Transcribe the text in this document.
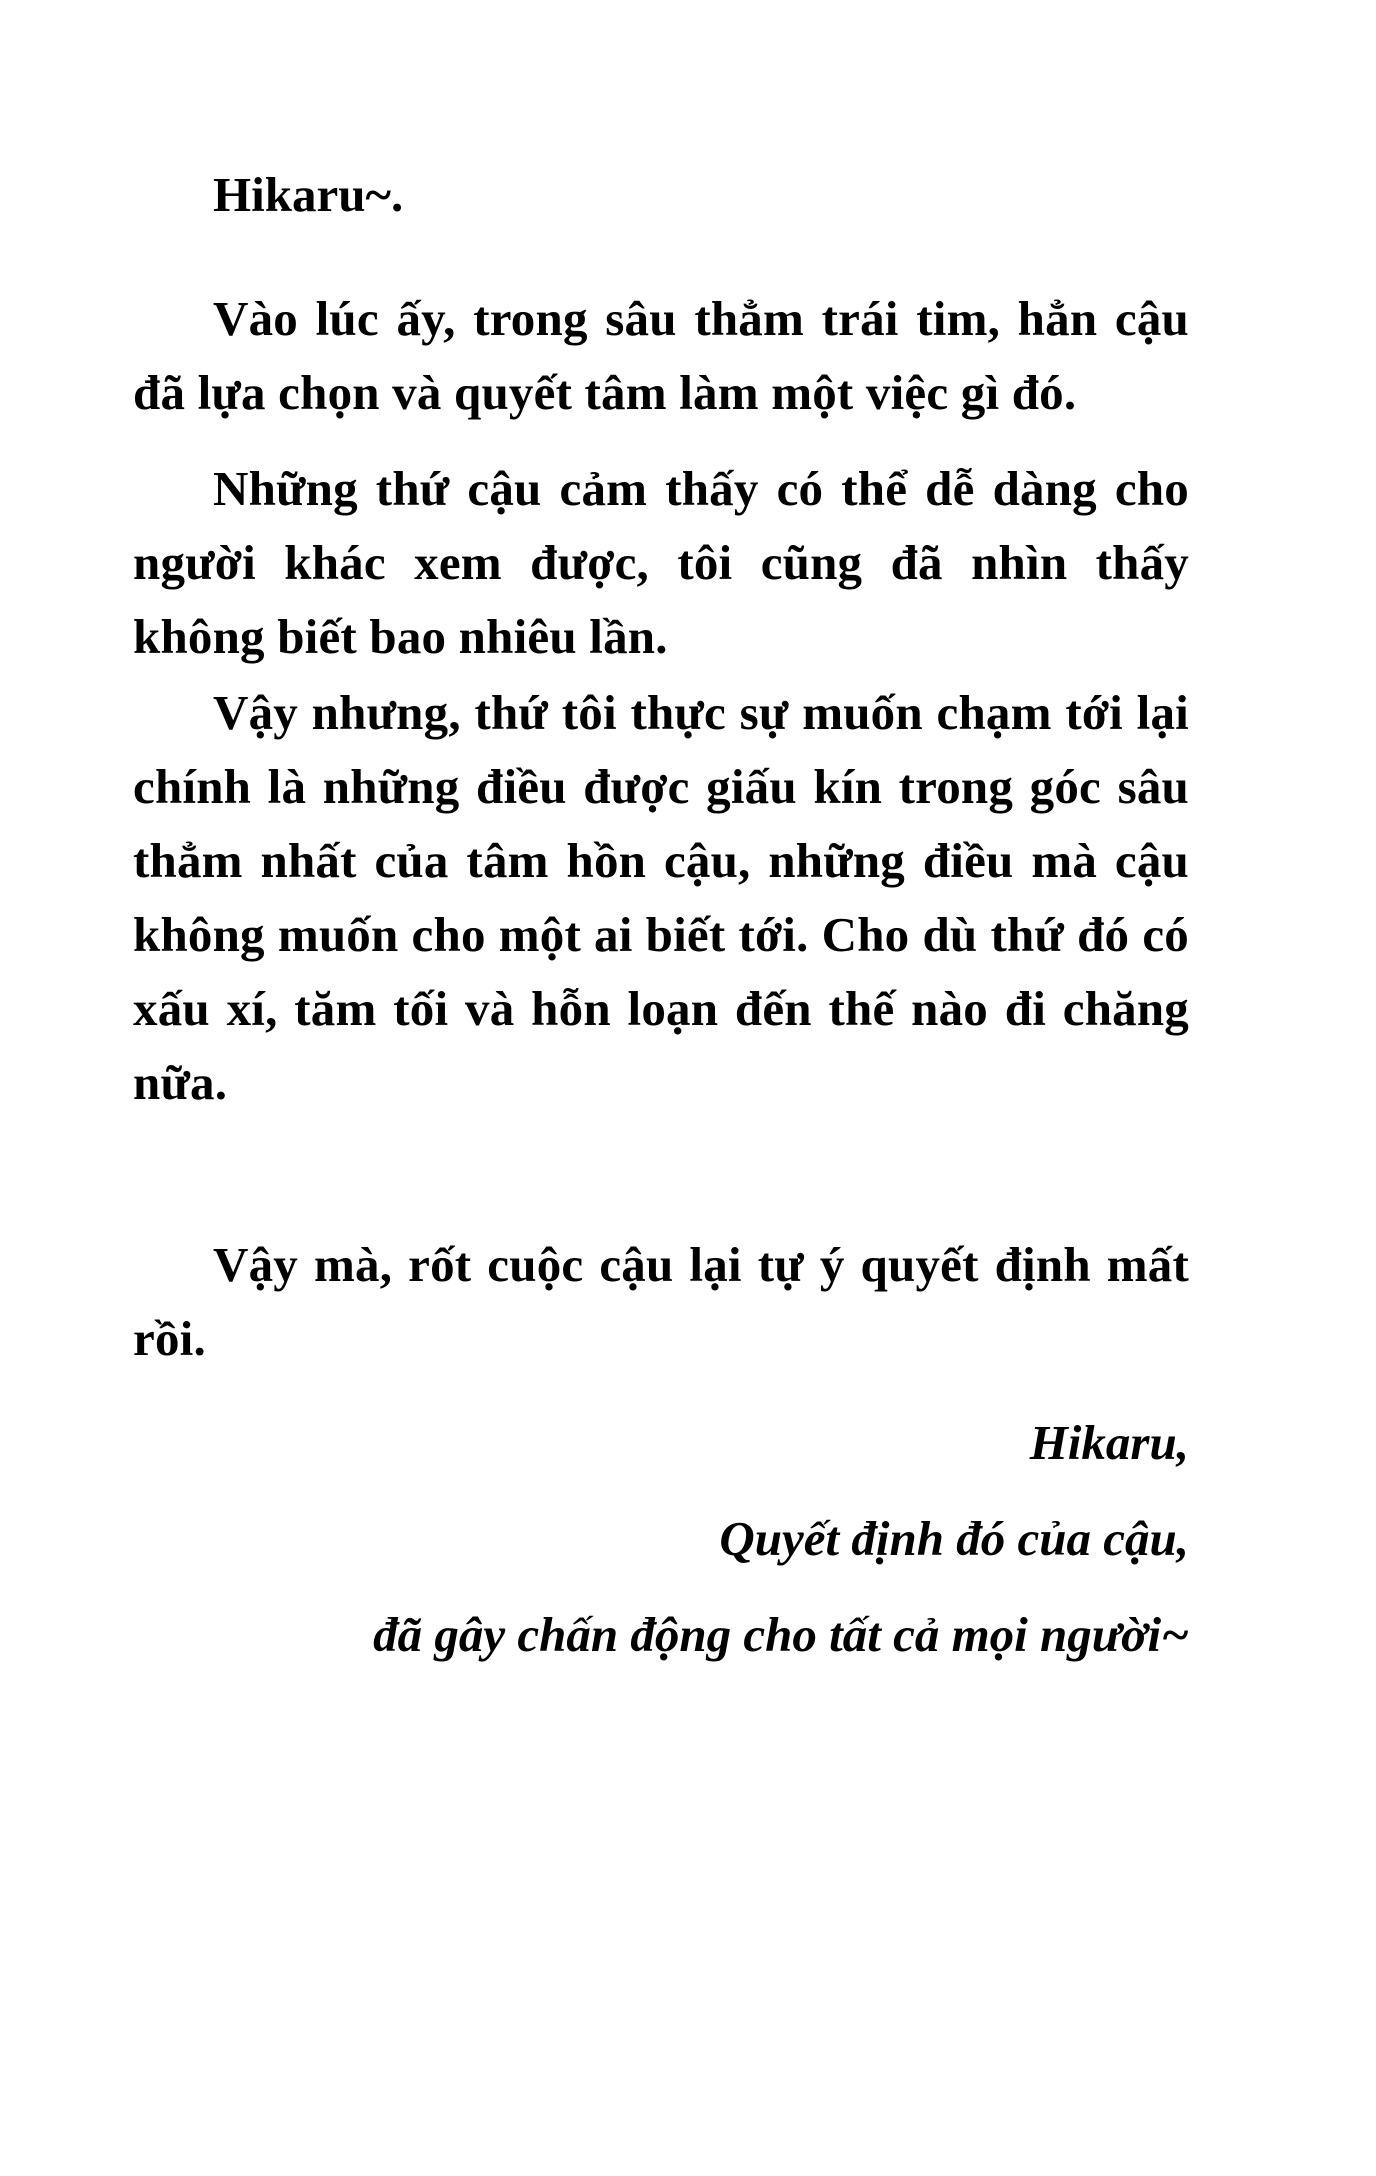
Hikaru~.

Vào lúc ấy, trong sâu thẳm trái tim, hẳn cậu đã lựa chọn và quyết tâm làm một việc gì đó.

Những thứ cậu cảm thấy có thể dễ dàng cho người khác xem được, tôi cũng đã nhìn thấy không biết bao nhiêu lần.

Vậy nhưng, thứ tôi thực sự muốn chạm tới lại chính là những điều được giấu kín trong góc sâu thẳm nhất của tâm hồn cậu, những điều mà cậu không muốn cho một ai biết tới. Cho dù thứ đó có xấu xí, tăm tối và hỗn loạn đến thế nào đi chăng nữa.

Vậy mà, rốt cuộc cậu lại tự ý quyết định mất rồi.

Hikaru,

Quyết định đó của cậu,

đã gây chấn động cho tất cả mọi người~
